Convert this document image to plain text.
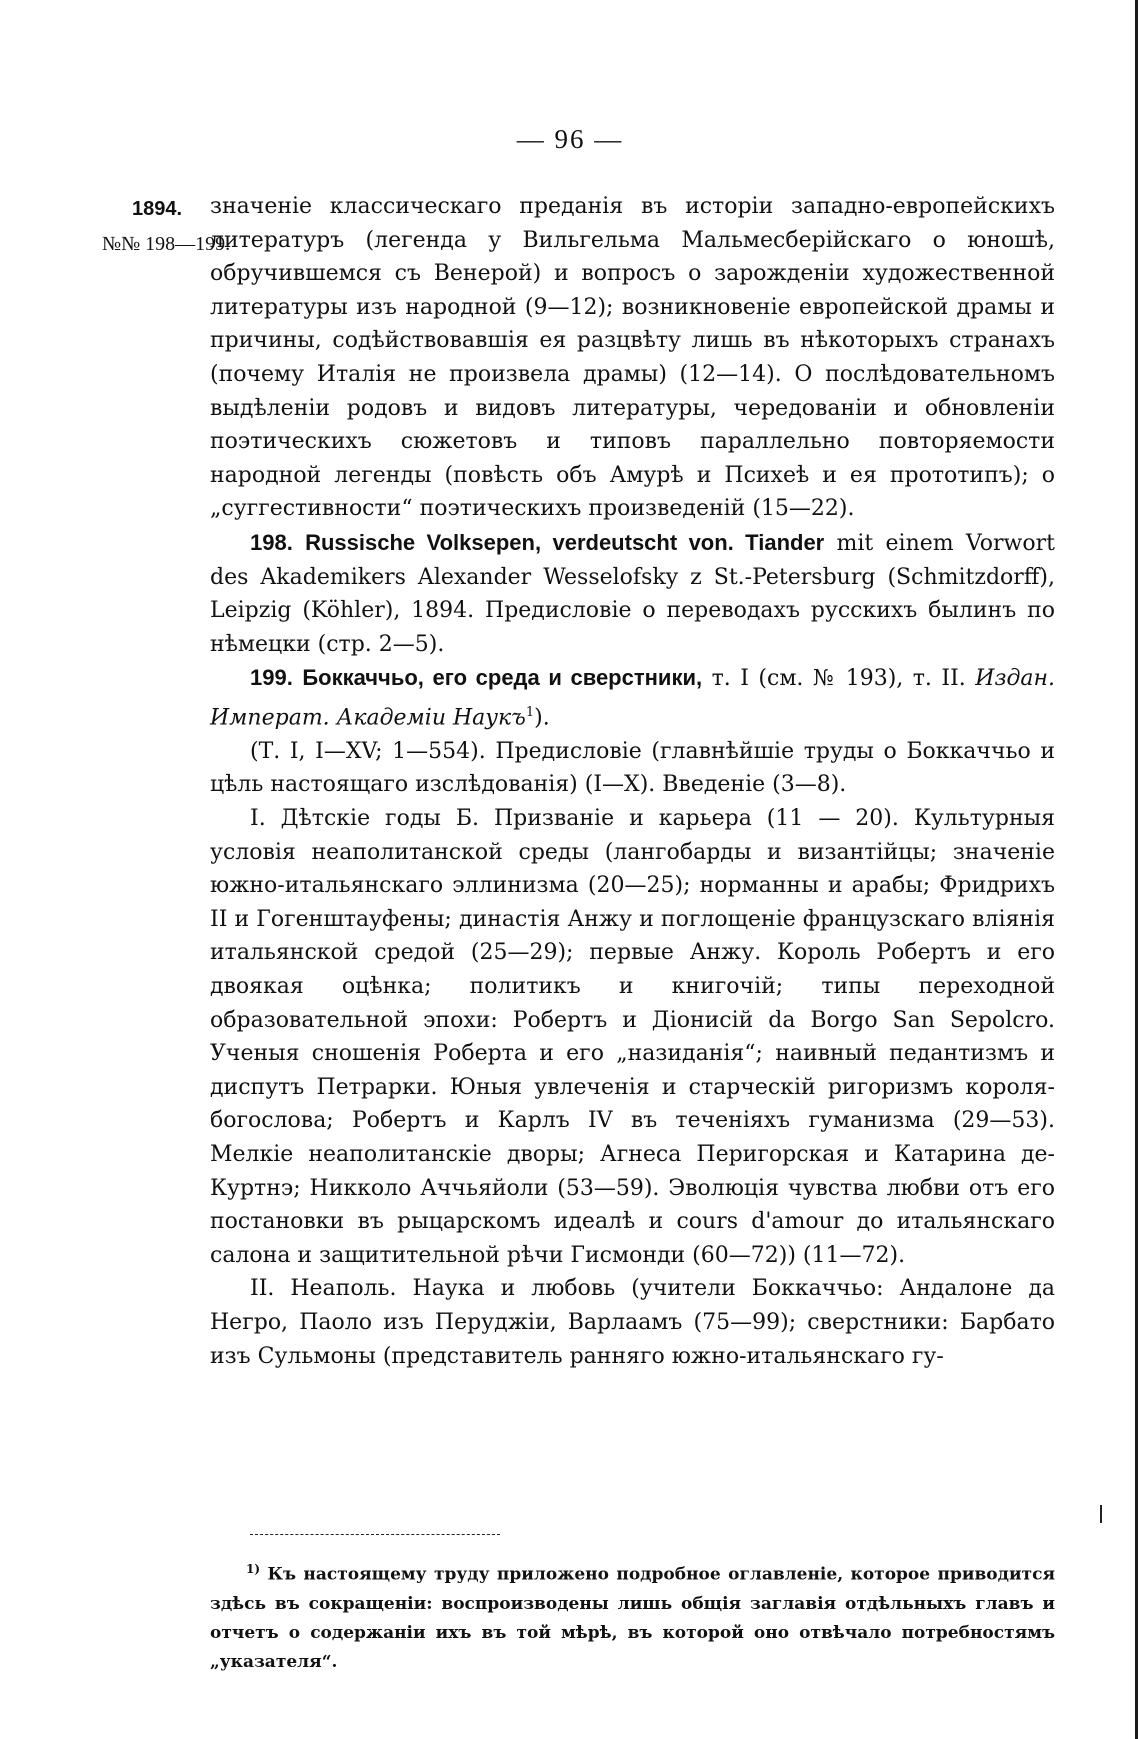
— 96 —
1894.
№№ 198—199.

значеніе классическаго преданія въ исторіи западно-европейскихъ литературъ (легенда у Вильгельма Мальмесберійскаго о юношѣ, обручившемся съ Венерой) и вопросъ о зарожденіи художественной литературы изъ народной (9—12); возникновеніе европейской драмы и причины, содѣйствовавшія ея разцвѣту лишь въ нѣкоторыхъ странахъ (почему Италія не произвела драмы) (12—14). О послѣдовательномъ выдѣленіи родовъ и видовъ литературы, чередованіи и обновленіи поэтическихъ сюжетовъ и типовъ параллельно повторяемости народной легенды (повѣсть объ Амурѣ и Психеѣ и ея прототипъ); о „суггестивности“ поэтическихъ произведеній (15—22).

198. Russische Volksepen, verdeutscht von. Tiander mit einem Vorwort des Akademikers Alexander Wesselofsky z St.-Petersburg (Schmitzdorff), Leipzig (Köhler), 1894. Предисловіе о переводахъ русскихъ былинъ по нѣмецки (стр. 2—5).

199. Боккаччьо, его среда и сверстники, т. I (см. № 193), т. II. Издан. Императ. Академіи Наукъ$^1$).

(Т. I, I—XV; 1—554). Предисловіе (главнѣйшіе труды о Боккаччьо и цѣль настоящаго изслѣдованія) (I—X). Введеніе (3—8).

I. Дѣтскіе годы Б. Призваніе и карьера (11 — 20). Культурныя условія неаполитанской среды (лангобарды и византійцы; значеніе южно-итальянскаго эллинизма (20—25); норманны и арабы; Фридрихъ II и Гогенштауфены; династія Анжу и поглощеніе французскаго вліянія итальянской средой (25—29); первые Анжу. Король Робертъ и его двоякая оцѣнка; политикъ и книгочій; типы переходной образовательной эпохи: Робертъ и Діонисій da Borgo San Sepolcro. Ученыя сношенія Роберта и его „назиданія“; наивный педантизмъ и диспутъ Петрарки. Юныя увлеченія и старческій ригоризмъ короля-богослова; Робертъ и Карлъ IV въ теченіяхъ гуманизма (29—53). Мелкіе неаполитанскіе дворы; Агнеса Перигорская и Катарина де-Куртнэ; Никколо Аччьяйоли (53—59). Эволюція чувства любви отъ его постановки въ рыцарскомъ идеалѣ и cours d'amour до итальянскаго салона и защитительной рѣчи Гисмонди (60—72)) (11—72).

II. Неаполь. Наука и любовь (учители Боккаччьо: Андалоне да Негро, Паоло изъ Перуджіи, Варлаамъ (75—99); сверстники: Барбато изъ Сульмоны (представитель ранняго южно-итальянскаго гу-

$^{1)}$ Къ настоящему труду приложено подробное оглавленіе, которое приводится здѣсь въ сокращеніи: воспроизводены лишь общія заглавія отдѣльныхъ главъ и отчетъ о содержаніи ихъ въ той мѣрѣ, въ которой оно отвѣчало потребностямъ „указателя“.
